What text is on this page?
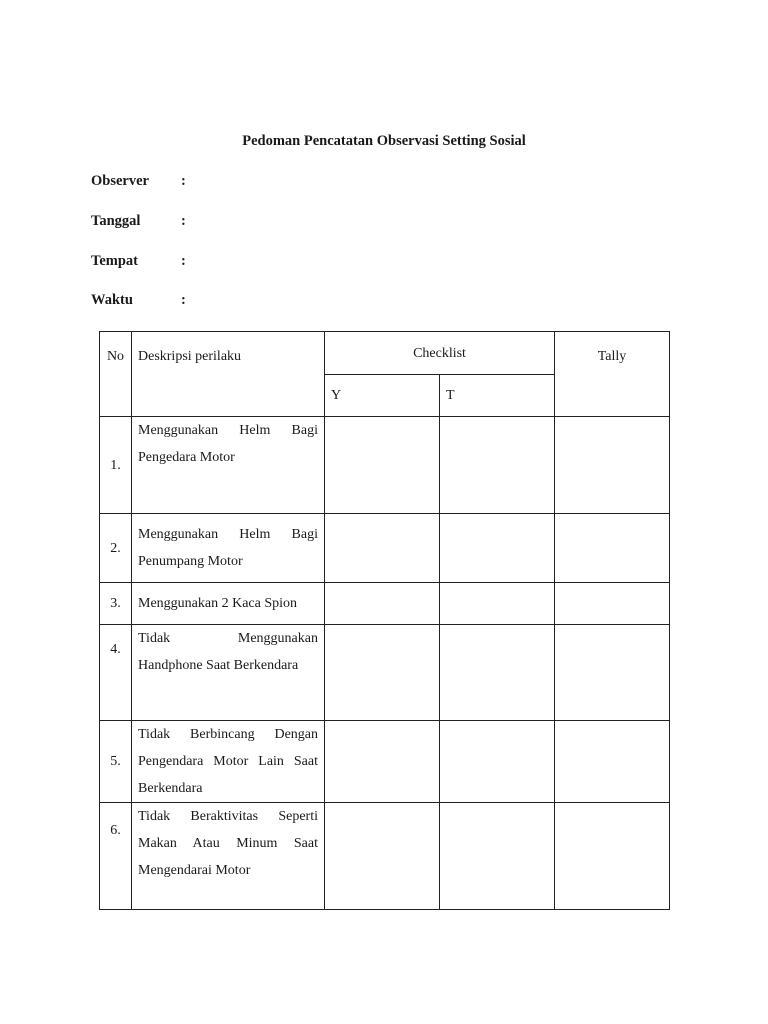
Pedoman Pencatatan Observasi Setting Sosial
Observer :
Tanggal	:
Tempat	:
Waktu	:
No	Deskripsi perilaku	Checklist		Tally
		Y	T	
1.	Menggunakan Helm Bagi Pengedara Motor			
2.	Menggunakan Helm Bagi Penumpang Motor			
3.	Menggunakan 2 Kaca Spion			
4.	Tidak Menggunakan Handphone Saat Berkendara			
5.	Tidak Berbincang Dengan Pengendara Motor Lain Saat Berkendara			
6.	Tidak Beraktivitas Seperti Makan Atau Minum Saat Mengendarai Motor			
